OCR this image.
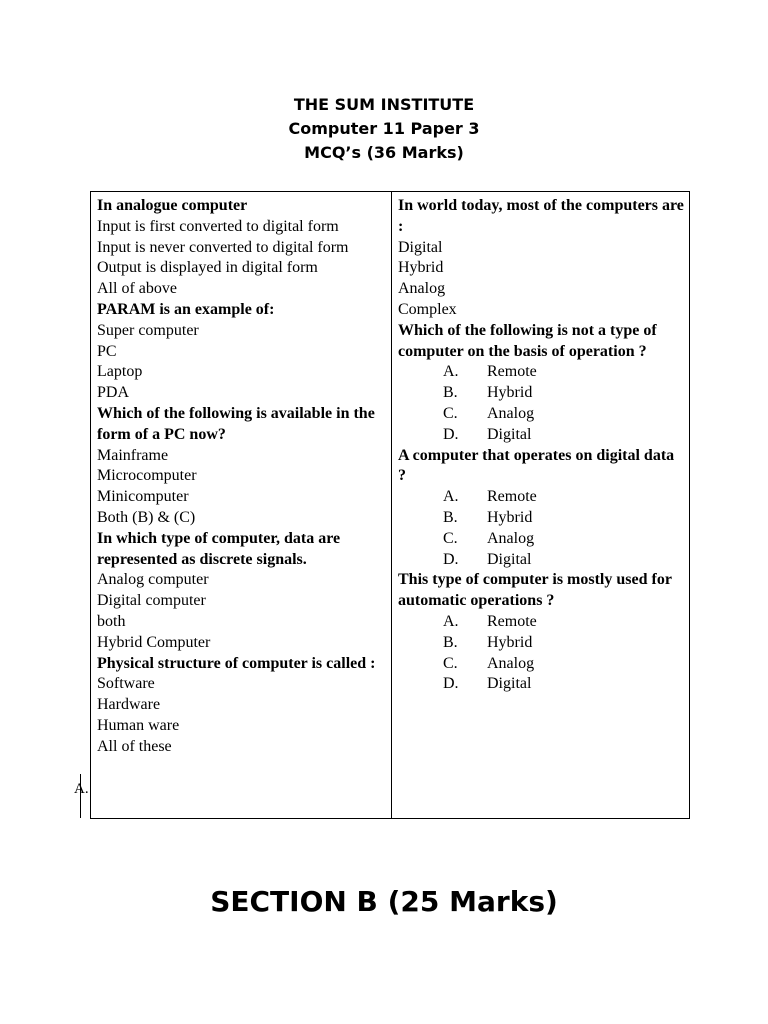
THE SUM INSTITUTE
Computer 11 Paper 3
MCQ’s (36 Marks)
In analogue computer
Input is first converted to digital form
Input is never converted to digital form
Output is displayed in digital form
All of above
PARAM is an example of:
Super computer
PC
Laptop
PDA
Which of the following is available in the form of a PC now?
Mainframe
Microcomputer
Minicomputer
Both (B) & (C)
In which type of computer, data are represented as discrete signals.
Analog computer
Digital computer
both
Hybrid Computer
Physical structure of computer is called :
Software
Hardware
Human ware
All of these
In world today, most of the computers are :
Digital
Hybrid
Analog
Complex
Which of the following is not a type of computer on the basis of operation ?
A.	Remote
B.	Hybrid
C.	Analog
D.	Digital
A computer that operates on digital data ?
A.	Remote
B.	Hybrid
C.	Analog
D.	Digital
This type of computer is mostly used for automatic operations ?
A.	Remote
B.	Hybrid
C.	Analog
D.	Digital
A.
SECTION B (25 Marks)
